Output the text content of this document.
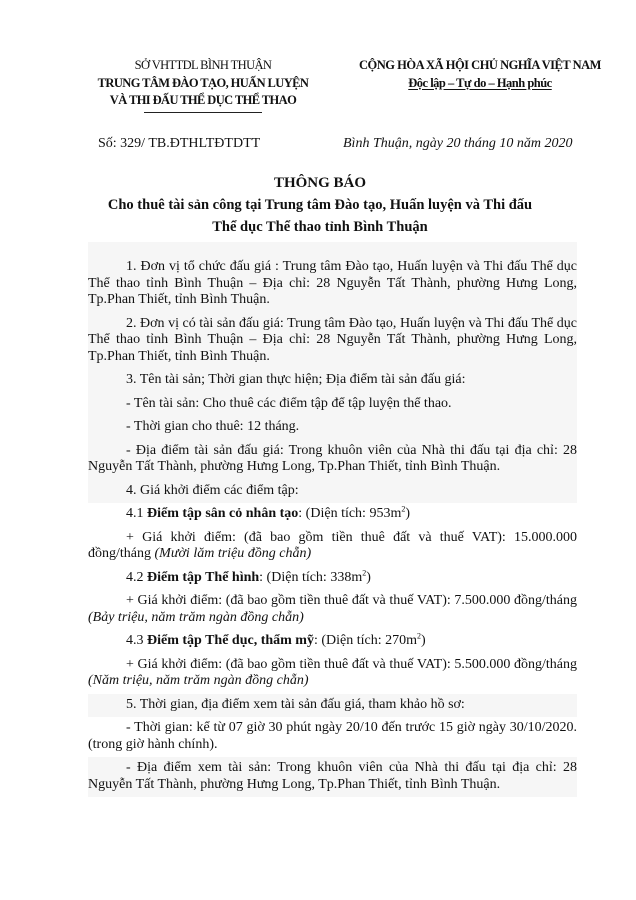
SỞ VHTTDL BÌNH THUẬN
TRUNG TÂM ĐÀO TẠO, HUẤN LUYỆN
VÀ THI ĐẤU THỂ DỤC THỂ THAO
CỘNG HÒA XÃ HỘI CHỦ NGHĨA VIỆT NAM
Độc lập – Tự do – Hạnh phúc
Số: 329/ TB.ĐTHLTĐTDTT	Bình Thuận, ngày 20 tháng 10 năm 2020
THÔNG BÁO
Cho thuê tài sản công tại Trung tâm Đào tạo, Huấn luyện và Thi đấu
Thể dục Thể thao tỉnh Bình Thuận

1. Đơn vị tổ chức đấu giá : Trung tâm Đào tạo, Huấn luyện và Thi đấu Thể dục Thể thao tỉnh Bình Thuận – Địa chỉ: 28 Nguyễn Tất Thành, phường Hưng Long, Tp.Phan Thiết, tỉnh Bình Thuận.

2. Đơn vị có tài sản đấu giá: Trung tâm Đào tạo, Huấn luyện và Thi đấu Thể dục Thể thao tỉnh Bình Thuận – Địa chỉ: 28 Nguyễn Tất Thành, phường Hưng Long, Tp.Phan Thiết, tỉnh Bình Thuận.

3. Tên tài sản; Thời gian thực hiện; Địa điểm tài sản đấu giá:

- Tên tài sản: Cho thuê các điểm tập để tập luyện thể thao.

- Thời gian cho thuê: 12 tháng.

- Địa điểm tài sản đấu giá: Trong khuôn viên của Nhà thi đấu tại địa chỉ: 28 Nguyễn Tất Thành, phường Hưng Long, Tp.Phan Thiết, tỉnh Bình Thuận.

4. Giá khởi điểm các điểm tập:

4.1 Điểm tập sân cỏ nhân tạo: (Diện tích: $953m^2$)

+ Giá khởi điểm: (đã bao gồm tiền thuê đất và thuế VAT): 15.000.000 đồng/tháng (Mười lăm triệu đồng chẵn)

4.2 Điểm tập Thể hình: (Diện tích: $338m^2$)

+ Giá khởi điểm: (đã bao gồm tiền thuê đất và thuế VAT): 7.500.000 đồng/tháng (Bảy triệu, năm trăm ngàn đồng chẵn)

4.3 Điểm tập Thể dục, thẩm mỹ: (Diện tích: $270m^2$)

+ Giá khởi điểm: (đã bao gồm tiền thuê đất và thuế VAT): 5.500.000 đồng/tháng (Năm triệu, năm trăm ngàn đồng chẵn)

5. Thời gian, địa điểm xem tài sản đấu giá, tham khảo hồ sơ:

- Thời gian: kể từ 07 giờ 30 phút ngày 20/10 đến trước 15 giờ ngày 30/10/2020. (trong giờ hành chính).

- Địa điểm xem tài sản: Trong khuôn viên của Nhà thi đấu tại địa chỉ: 28 Nguyễn Tất Thành, phường Hưng Long, Tp.Phan Thiết, tỉnh Bình Thuận.
